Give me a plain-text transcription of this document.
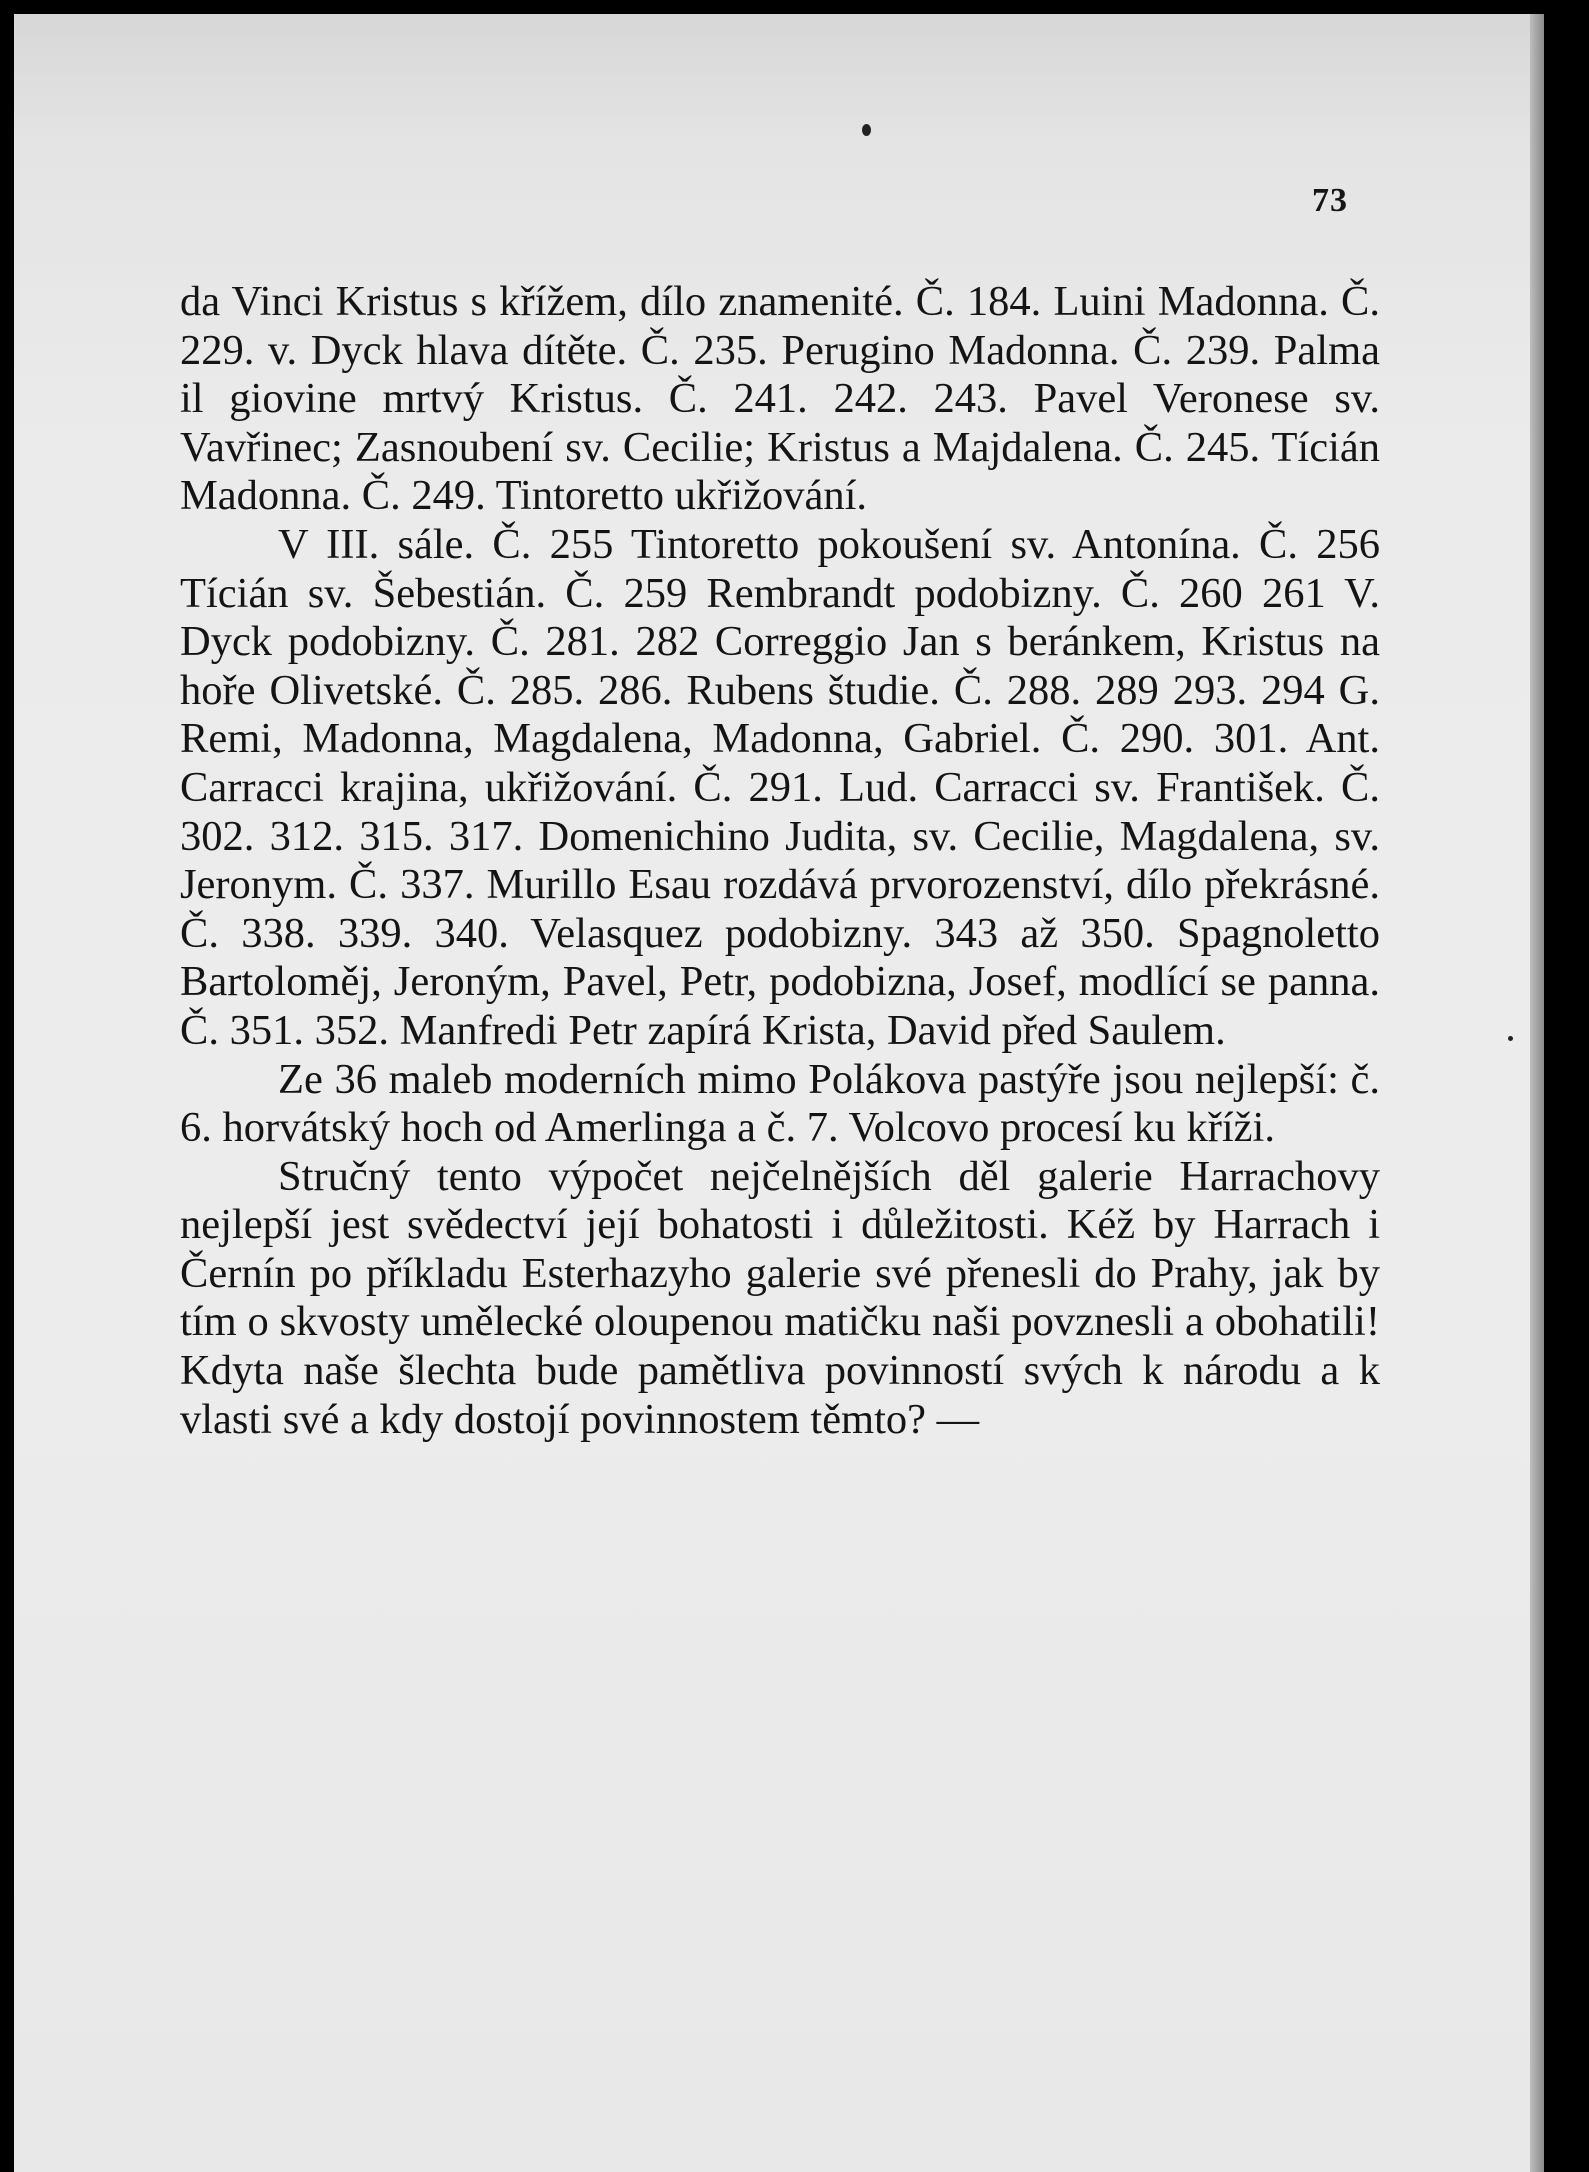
73

da Vinci Kristus s křížem, dílo znamenité. Č. 184. Luini Madonna. Č. 229. v. Dyck hlava dítěte. Č. 235. Perugino Madonna. Č. 239. Palma il giovine mrtvý Kristus. Č. 241. 242. 243. Pavel Veronese sv. Vavřinec; Zasnoubení sv. Cecilie; Kristus a Majdalena. Č. 245. Tícián Madonna. Č. 249. Tintoretto ukřižování.

V III. sále. Č. 255 Tintoretto pokoušení sv. Antonína. Č. 256 Tícián sv. Šebestián. Č. 259 Rembrandt podobizny. Č. 260 261 V. Dyck podobizny. Č. 281. 282 Correggio Jan s beránkem, Kristus na hoře Olivetské. Č. 285. 286. Rubens študie. Č. 288. 289 293. 294 G. Remi, Madonna, Magdalena, Madonna, Gabriel. Č. 290. 301. Ant. Carracci krajina, ukřižování. Č. 291. Lud. Carracci sv. František. Č. 302. 312. 315. 317. Domenichino Judita, sv. Cecilie, Magdalena, sv. Jeronym. Č. 337. Murillo Esau rozdává prvorozenství, dílo překrásné. Č. 338. 339. 340. Velasquez podobizny. 343 až 350. Spagnoletto Bartoloměj, Jeroným, Pavel, Petr, podobizna, Josef, modlící se panna. Č. 351. 352. Manfredi Petr zapírá Krista, David před Saulem.

Ze 36 maleb moderních mimo Polákova pastýře jsou nejlepší: č. 6. horvátský hoch od Amerlinga a č. 7. Volcovo procesí ku kříži.

Stručný tento výpočet nejčelnějších děl galerie Harrachovy nejlepší jest svědectví její bohatosti i důležitosti. Kéž by Harrach i Černín po příkladu Esterhazyho galerie své přenesli do Prahy, jak by tím o skvosty umělecké oloupenou matičku naši povznesli a obohatili! Kdyta naše šlechta bude pamětliva povinností svých k národu a k vlasti své a kdy dostojí povinnostem těmto? —
